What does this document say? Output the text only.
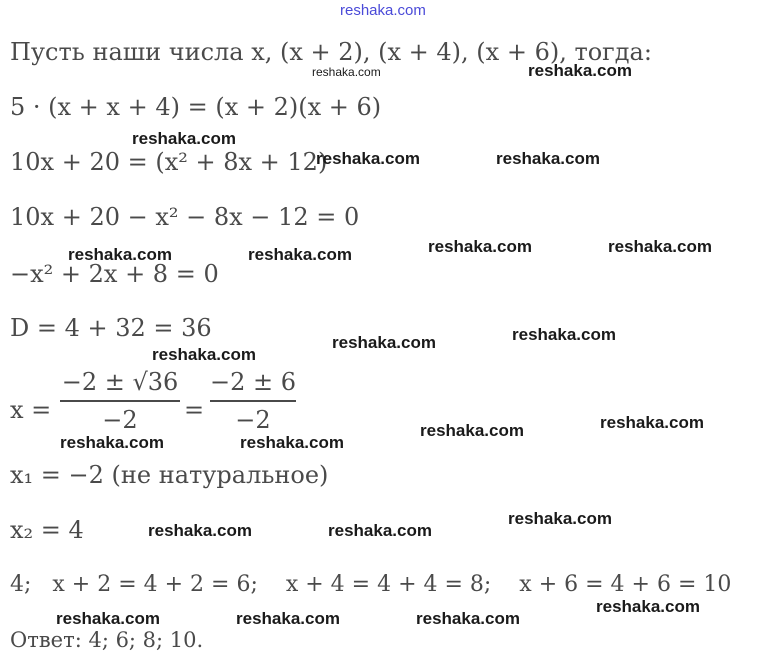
reshaka.com
Пусть наши числа x, (x + 2), (x + 4), (x + 6), тогда:
reshaka.com	reshaka.com
5 · (x + x + 4) = (x + 2)(x + 6)
reshaka.com
10x + 20 = (x² + 8x + 12)
reshaka.com	reshaka.com
10x + 20 − x² − 8x − 12 = 0
reshaka.com	reshaka.com
reshaka.com	reshaka.com
−x² + 2x + 8 = 0
D = 4 + 32 = 36	reshaka.com
reshaka.com
reshaka.com
x =
−2 ± √36
−2	=
−2 ± 6
−2	reshaka.com
reshaka.com
reshaka.com	reshaka.com
x₁ = −2 (не натуральное)
x₂ = 4	reshaka.com
reshaka.com	reshaka.com
4;   x + 2 = 4 + 2 = 6;    x + 4 = 4 + 4 = 8;    x + 6 = 4 + 6 = 10
reshaka.com
reshaka.com	reshaka.com	reshaka.com
Ответ: 4; 6; 8; 10.
